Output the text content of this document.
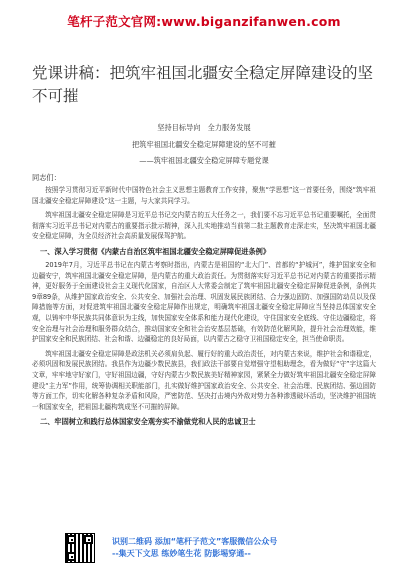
笔杆子范文官网:www.biganzifanwen.com
党课讲稿：把筑牢祖国北疆安全稳定屏障建设的坚不可摧
坚持目标导向　全力服务发展
把筑牢祖国北疆安全稳定屏障建设的坚不可摧
——筑牢祖国北疆安全稳定屏障专题党课
同志们：

按照学习贯彻习近平新时代中国特色社会主义思想主题教育工作安排，聚焦“学思想”这一首要任务，围绕“筑牢祖国北疆安全稳定屏障建设”这一主题，与大家共同学习。

筑牢祖国北疆安全稳定屏障是习近平总书记交内蒙古的五大任务之一，我们要不忘习近平总书记重要嘱托，全面贯彻落实习近平总书记对内蒙古的重要指示批示精神，深入扎实地推动当前第二批主题教育走深走实，坚决筑牢祖国北疆安全稳定屏障，为全员经济社会高质量发展保驾护航。

一、深入学习贯彻《内蒙古自治区筑牢祖国北疆安全稳定屏障促进条例》

2019年7月，习近平总书记在内蒙古考察时指出，内蒙古是祖国的“北大门”、首都的“护城河”，维护国家安全和边疆安宁，筑牢祖国北疆安全稳定屏障，是内蒙古的重大政治责任。为贯彻落实好习近平总书记对内蒙古的重要指示精神，更好服务于全面建设社会主义现代化国家，自治区人大常委会制定了筑牢祖国北疆安全稳定屏障促进条例，条例共9章89条，从维护国家政治安全、公共安全、加强社会治理、巩固发展民族团结、合力强边固防、加强国防动员以及保障措施等方面，对促进筑牢祖国北疆安全稳定屏障作出规定，明确筑牢祖国北疆安全稳定屏障应当坚持总体国家安全观，以铸牢中华民族共同体意识为主线，加快国家安全体系和能力现代化建设，守住国家安全底线、守住边疆稳定，将安全治理与社会治理和服务群众结合，推动国家安全和社会治安基层基础，有效防范化解风险，提升社会治理效能，维护国家安全和民族团结、社会和谐、边疆稳定的良好局面，以内蒙古之稳守卫祖国稳定安全，担当使命职责。

筑牢祖国北疆安全稳定屏障是政法机关必须肩负起、履行好的重大政治责任，对内蒙古来说，维护社会和谐稳定，必须巩固和发展民族团结。我县作为边疆少数民族县，我们政法干部要自觉增强守望相助理念，看为做好“守”字这篇大文章，牢牢地守好家门，守好祖国边疆，守好内蒙古少数民族美好精神家园，紧紧全力做好筑牢祖国北疆安全稳定屏障建设“主力军”作用，统筹协调相关职能部门，扎实做好维护国家政治安全、公共安全、社会治理、民族团结、强边固防等方面工作，切实化解各种复杂矛盾和风险，严密防范、坚决打击境内外敌对势力各种渗透破坏活动，坚决维护祖国统一和国家安全，把祖国北疆构筑成坚不可摧的屏障。

二、牢固树立和践行总体国家安全观夯实不渝做党和人民的忠诚卫士
识别二维码 添加“笔杆子范文”客服微信公众号
--集天下文思 练妙笔生花 防影埸穿通--
